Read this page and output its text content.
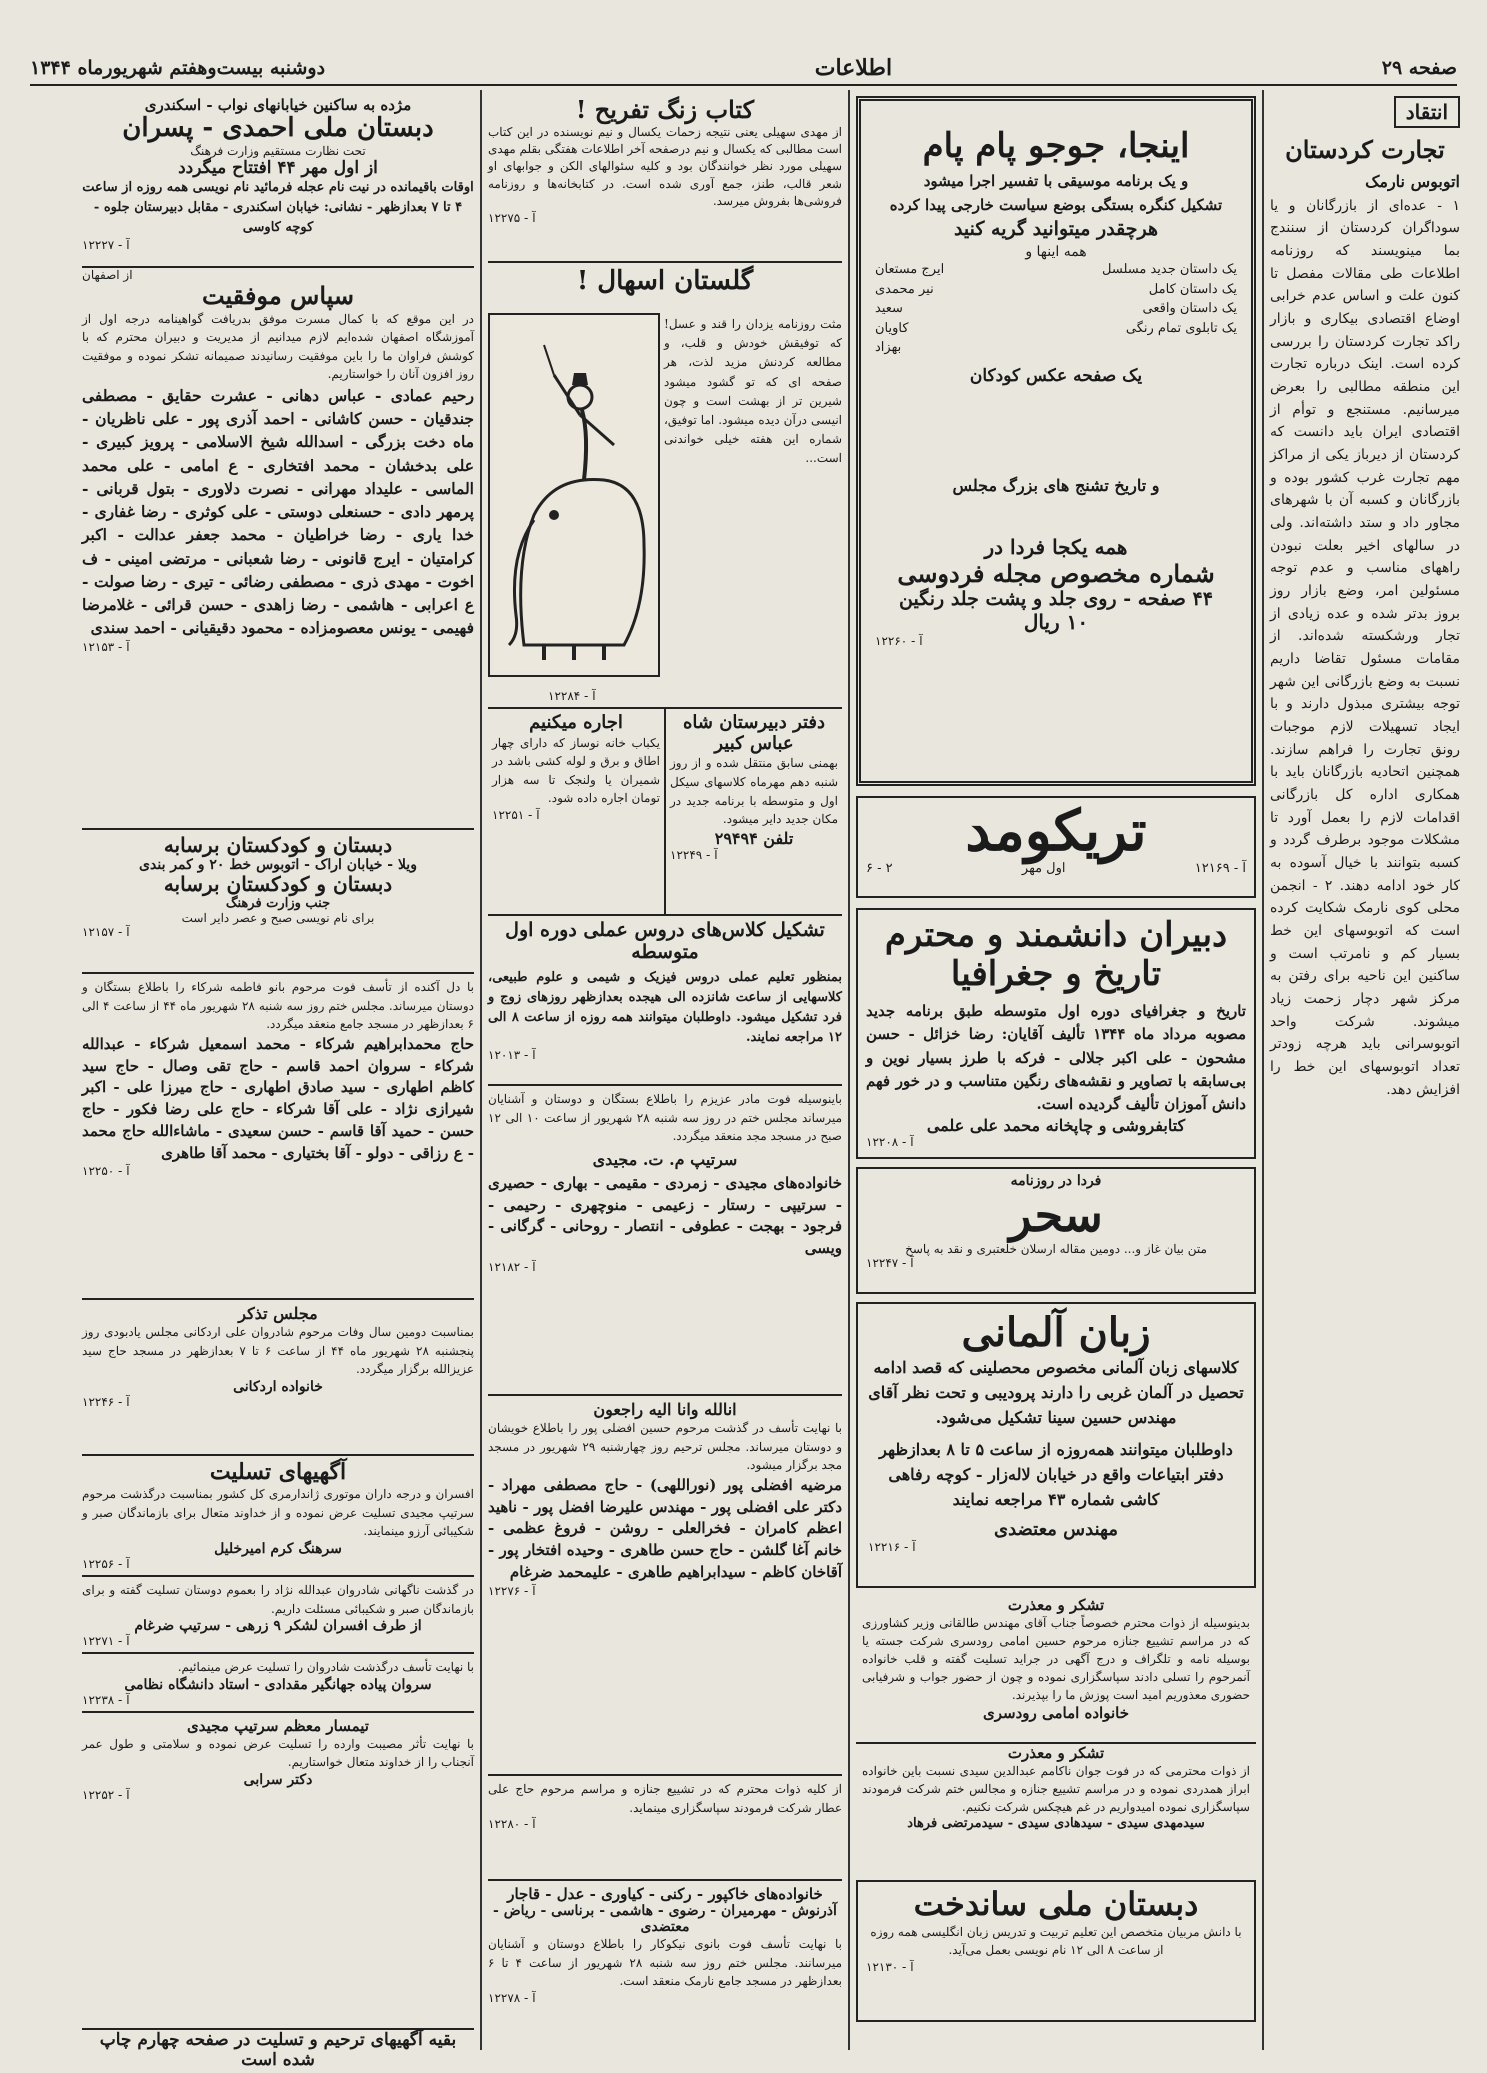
صفحه ۲۹
اطلاعات
دوشنبه بیست‌وهفتم شهریورماه ۱۳۴۴
انتقاد
تجارت کردستان
اتوبوس نارمک
۱ - عده‌ای از بازرگانان و یا سوداگران کردستان از سنندج بما مینویسند که روزنامه اطلاعات طی مقالات مفصل تا کنون علت و اساس عدم خرابی اوضاع اقتصادی بیکاری و بازار راکد تجارت کردستان را بررسی کرده است. اینک درباره تجارت این منطقه مطالبی را بعرض میرسانیم. مستنجع و توأم از اقتصادی ایران باید دانست که کردستان از دیرباز یکی از مراکز مهم تجارت غرب کشور بوده و بازرگانان و کسبه آن با شهرهای مجاور داد و ستد داشته‌اند. ولی در سالهای اخیر بعلت نبودن راههای مناسب و عدم توجه مسئولین امر، وضع بازار روز بروز بدتر شده و عده زیادی از تجار ورشکسته شده‌اند. از مقامات مسئول تقاضا داریم نسبت به وضع بازرگانی این شهر توجه بیشتری مبذول دارند و با ایجاد تسهیلات لازم موجبات رونق تجارت را فراهم سازند. همچنین اتحادیه بازرگانان باید با همکاری اداره کل بازرگانی اقدامات لازم را بعمل آورد تا مشکلات موجود برطرف گردد و کسبه بتوانند با خیال آسوده به کار خود ادامه دهند. ۲ - انجمن محلی کوی نارمک شکایت کرده است که اتوبوسهای این خط بسیار کم و نامرتب است و ساکنین این ناحیه برای رفتن به مرکز شهر دچار زحمت زیاد میشوند. شرکت واحد اتوبوسرانی باید هرچه زودتر تعداد اتوبوسهای این خط را افزایش دهد.
اینجا، جوجو پام پام
و یک برنامه موسیقی با تفسیر اجرا میشود
تشکیل کنگره بستگی بوضع سیاست خارجی پیدا کرده
هرچقدر میتوانید گریه کنید
همه اینها و
یک داستان جدید مسلسل
ایرج مستعان
یک داستان کامل
نیر محمدی
یک داستان واقعی
سعید
یک تابلوی تمام رنگی
کاویان
بهزاد
یک صفحه عکس کودکان
و تاریخ تشنج های بزرگ مجلس
همه یکجا فردا در
شماره مخصوص مجله فردوسی
۴۴ صفحه - روی جلد و پشت جلد رنگین
۱۰ ریال
آ - ۱۲۲۶۰
تریکومد
آ - ۱۲۱۶۹
اول مهر
۲ - ۶
دبیران دانشمند و محترم
تاریخ و جغرافیا
تاریخ و جغرافیای دوره اول متوسطه طبق برنامه جدید مصوبه مرداد ماه ۱۳۴۴ تألیف آقایان: رضا خزائل - حسن مشحون - علی اکبر جلالی - فرکه با طرز بسیار نوین و بی‌سابقه با تصاویر و نقشه‌های رنگین متناسب و در خور فهم دانش آموزان تألیف گردیده است.
کتابفروشی و چاپخانه محمد علی علمی
آ - ۱۲۲۰۸
فردا در روزنامه
سحر
متن بیان غاز و... دومین مقاله ارسلان خلعتبری و نقد به پاسخ
آ - ۱۲۲۴۷
زبان آلمانی
کلاسهای زبان آلمانی مخصوص محصلینی که قصد ادامه تحصیل در آلمان غربی را دارند پرودیبی و تحت نظر آقای مهندس حسین سینا تشکیل می‌شود.
داوطلبان میتوانند همه‌روزه از ساعت ۵ تا ۸ بعدازظهر دفتر ابتیاعات واقع در خیابان لاله‌زار - کوچه رفاهی کاشی شماره ۴۳ مراجعه نمایند
مهندس معتضدی
آ - ۱۲۲۱۶
تشکر و معذرت
بدینوسیله از ذوات محترم خصوصاً جناب آقای مهندس طالقانی وزیر کشاورزی که در مراسم تشییع جنازه مرحوم حسین امامی رودسری شرکت جسته یا بوسیله نامه و تلگراف و درج آگهی در جراید تسلیت گفته و قلب خانواده آنمرحوم را تسلی دادند سپاسگزاری نموده و چون از حضور جواب و شرفیابی حضوری معذوریم امید است پوزش ما را بپذیرند.
خانواده امامی رودسری
تشکر و معذرت
از ذوات محترمی که در فوت جوان ناکامم عبدالدین سیدی نسبت باین خانواده ابراز همدردی نموده و در مراسم تشییع جنازه و مجالس ختم شرکت فرمودند سپاسگزاری نموده امیدواریم در غم هیچکس شرکت نکنیم.
سیدمهدی سیدی - سیدهادی سیدی - سیدمرتضی فرهاد
دبستان ملی ساندخت
با دانش مربیان متخصص این تعلیم تربیت و تدریس زبان انگلیسی همه روزه از ساعت ۸ الی ۱۲ نام نویسی بعمل می‌آید.
آ - ۱۲۱۳۰
کتاب زنگ تفریح !
از مهدی سهیلی یعنی نتیجه زحمات یکسال و نیم نویسنده در این کتاب است مطالبی که یکسال و نیم درصفحه آخر اطلاعات هفتگی بقلم مهدی سهیلی مورد نظر خوانندگان بود و کلیه سئوالهای الکن و جوابهای او شعر قالب، طنز، جمع آوری شده است. در کتابخانه‌ها و روزنامه فروشی‌ها بفروش میرسد.
آ - ۱۲۲۷۵
گلستان اسهال !
مثت روزنامه یزدان را قند و عسل! که توفیقش خودش و قلب، و مطالعه کردنش مزید لذت، هر صفحه ای که تو گشود میشود شیرین تر از بهشت است و چون انیسی درآن دیده میشود. اما توفیق، شماره این هفته خیلی خواندنی است...
آ - ۱۲۲۸۴
دفتر دبیرستان شاه عباس کبیر
بهمنی سابق منتقل شده و از روز شنبه دهم مهرماه کلاسهای سیکل اول و متوسطه با برنامه جدید در مکان جدید دایر میشود.
تلفن ۲۹۴۹۴
آ - ۱۲۲۴۹
اجاره میکنیم
یکباب خانه نوساز که دارای چهار اطاق و برق و لوله کشی باشد در شمیران یا ولنجک تا سه هزار تومان اجاره داده شود.
آ - ۱۲۲۵۱
تشکیل کلاس‌های دروس عملی دوره اول متوسطه
بمنظور تعلیم عملی دروس فیزیک و شیمی و علوم طبیعی، کلاسهایی از ساعت شانزده الی هیجده بعدازظهر روزهای زوج و فرد تشکیل میشود. داوطلبان میتوانند همه روزه از ساعت ۸ الی ۱۲ مراجعه نمایند.
آ - ۱۲۰۱۳
باینوسیله فوت مادر عزیزم را باطلاع بستگان و دوستان و آشنایان میرساند مجلس ختم در روز سه شنبه ۲۸ شهریور از ساعت ۱۰ الی ۱۲ صبح در مسجد مجد منعقد میگردد.
سرتیپ م. ت. مجیدی
خانواده‌های مجیدی - زمردی - مقیمی - بهاری - حصیری - سرتیپی - رستار - زعیمی - منوچهری - رحیمی - فرجود - بهجت - عطوفی - انتصار - روحانی - گرگانی - ویسی
آ - ۱۲۱۸۲
انالله وانا الیه راجعون
با نهایت تأسف در گذشت مرحوم حسین افضلی پور را باطلاع خویشان و دوستان میرساند. مجلس ترحیم روز چهارشنبه ۲۹ شهریور در مسجد مجد برگزار میشود.
مرضیه افضلی پور (نوراللهی) - حاج مصطفی مهراد - دکتر علی افضلی پور - مهندس علیرضا افضل پور - ناهید اعظم کامران - فخرالعلی - روشن - فروغ عظمی - خانم آغا گلشن - حاج حسن طاهری - وحیده افتخار پور - آقاخان کاظم - سیدابراهیم طاهری - علیمحمد ضرغام
آ - ۱۲۲۷۶
از کلیه ذوات محترم که در تشییع جنازه و مراسم مرحوم حاج علی عطار شرکت فرمودند سپاسگزاری مینماید.
آ - ۱۲۲۸۰
خانواده‌های خاکپور - رکنی - کیاوری - عدل - قاجار
آذرنوش - مهرمیران - رضوی - هاشمی - برناسی - ریاض - معتضدی
با نهایت تأسف فوت بانوی نیکوکار را باطلاع دوستان و آشنایان میرسانند. مجلس ختم روز سه شنبه ۲۸ شهریور از ساعت ۴ تا ۶ بعدازظهر در مسجد جامع نارمک منعقد است.
آ - ۱۲۲۷۸
مژده به ساکنین خیابانهای نواب - اسکندری
دبستان ملی احمدی - پسران
تحت نظارت مستقیم وزارت فرهنگ
از اول مهر ۴۴ افتتاح میگردد
اوقات باقیمانده در نیت نام عجله فرمائید نام نویسی همه روزه از ساعت ۴ تا ۷ بعدازظهر - نشانی: خیابان اسکندری - مقابل دبیرستان جلوه - کوچه کاوسی
آ - ۱۲۲۲۷
از اصفهان
سپاس موفقیت
در این موقع که با کمال مسرت موفق بدریافت گواهینامه درجه اول از آموزشگاه اصفهان شده‌ایم لازم میدانیم از مدیریت و دبیران محترم که با کوشش فراوان ما را باین موفقیت رسانیدند صمیمانه تشکر نموده و موفقیت روز افزون آنان را خواستاریم.
رحیم عمادی - عباس دهانی - عشرت حقایق - مصطفی جندقیان - حسن کاشانی - احمد آذری پور - علی ناظریان - ماه دخت بزرگی - اسدالله شیخ الاسلامی - پرویز کبیری - علی بدخشان - محمد افتخاری - ع امامی - علی محمد الماسی - علیداد مهرانی - نصرت دلاوری - بتول قربانی - پرمهر دادی - حسنعلی دوستی - علی کوثری - رضا غفاری - خدا یاری - رضا خراطیان - محمد جعفر عدالت - اکبر کرامتیان - ایرج قانونی - رضا شعبانی - مرتضی امینی - ف اخوت - مهدی ذری - مصطفی رضائی - تیری - رضا صولت - ع اعرابی - هاشمی - رضا زاهدی - حسن قرائی - غلامرضا فهیمی - یونس معصومزاده - محمود دقیقیانی - احمد سندی
آ - ۱۲۱۵۳
دبستان و کودکستان برسابه
ویلا - خیابان اراک - اتوبوس خط ۲۰ و کمر بندی
دبستان و کودکستان برسابه
جنب وزارت فرهنگ
برای نام نویسی صبح و عصر دایر است
آ - ۱۲۱۵۷
با دل آکنده از تأسف فوت مرحوم بانو فاطمه شرکاء را باطلاع بستگان و دوستان میرساند. مجلس ختم روز سه شنبه ۲۸ شهریور ماه ۴۴ از ساعت ۴ الی ۶ بعدازظهر در مسجد جامع منعقد میگردد.
حاج محمدابراهیم شرکاء - محمد اسمعیل شرکاء - عبدالله شرکاء - سروان احمد قاسم - حاج تقی وصال - حاج سید کاظم اطهاری - سید صادق اطهاری - حاج میرزا علی - اکبر شیرازی نژاد - علی آقا شرکاء - حاج علی رضا فکور - حاج حسن - حمید آقا قاسم - حسن سعیدی - ماشاءالله حاج محمد - ع رزاقی - دولو - آقا بختیاری - محمد آقا طاهری
آ - ۱۲۲۵۰
مجلس تذکر
بمناسبت دومین سال وفات مرحوم شادروان علی اردکانی مجلس یادبودی روز پنجشنبه ۲۸ شهریور ماه ۴۴ از ساعت ۶ تا ۷ بعدازظهر در مسجد حاج سید عزیزالله برگزار میگردد.
خانواده اردکانی
آ - ۱۲۲۴۶
آگهیهای تسلیت
افسران و درجه داران موتوری ژاندارمری کل کشور بمناسبت درگذشت مرحوم سرتیپ مجیدی تسلیت عرض نموده و از خداوند متعال برای بازماندگان صبر و شکیبائی آرزو مینمایند.
سرهنگ کرم امیرخلیل
آ - ۱۲۲۵۶
در گذشت ناگهانی شادروان عبدالله نژاد را بعموم دوستان تسلیت گفته و برای بازماندگان صبر و شکیبائی مسئلت داریم.
از طرف افسران لشکر ۹ زرهی - سرتیپ ضرغام
آ - ۱۲۲۷۱
با نهایت تأسف درگذشت شادروان را تسلیت عرض مینمائیم.
سروان پیاده جهانگیر مقدادی - استاد دانشگاه نظامی
آ - ۱۲۲۳۸
تیمسار معظم سرتیپ مجیدی
با نهایت تأثر مصیبت وارده را تسلیت عرض نموده و سلامتی و طول عمر آنجناب را از خداوند متعال خواستاریم.
دکتر سرابی
آ - ۱۲۲۵۲
بقیه آگهیهای ترحیم و تسلیت در صفحه چهارم چاپ شده است
